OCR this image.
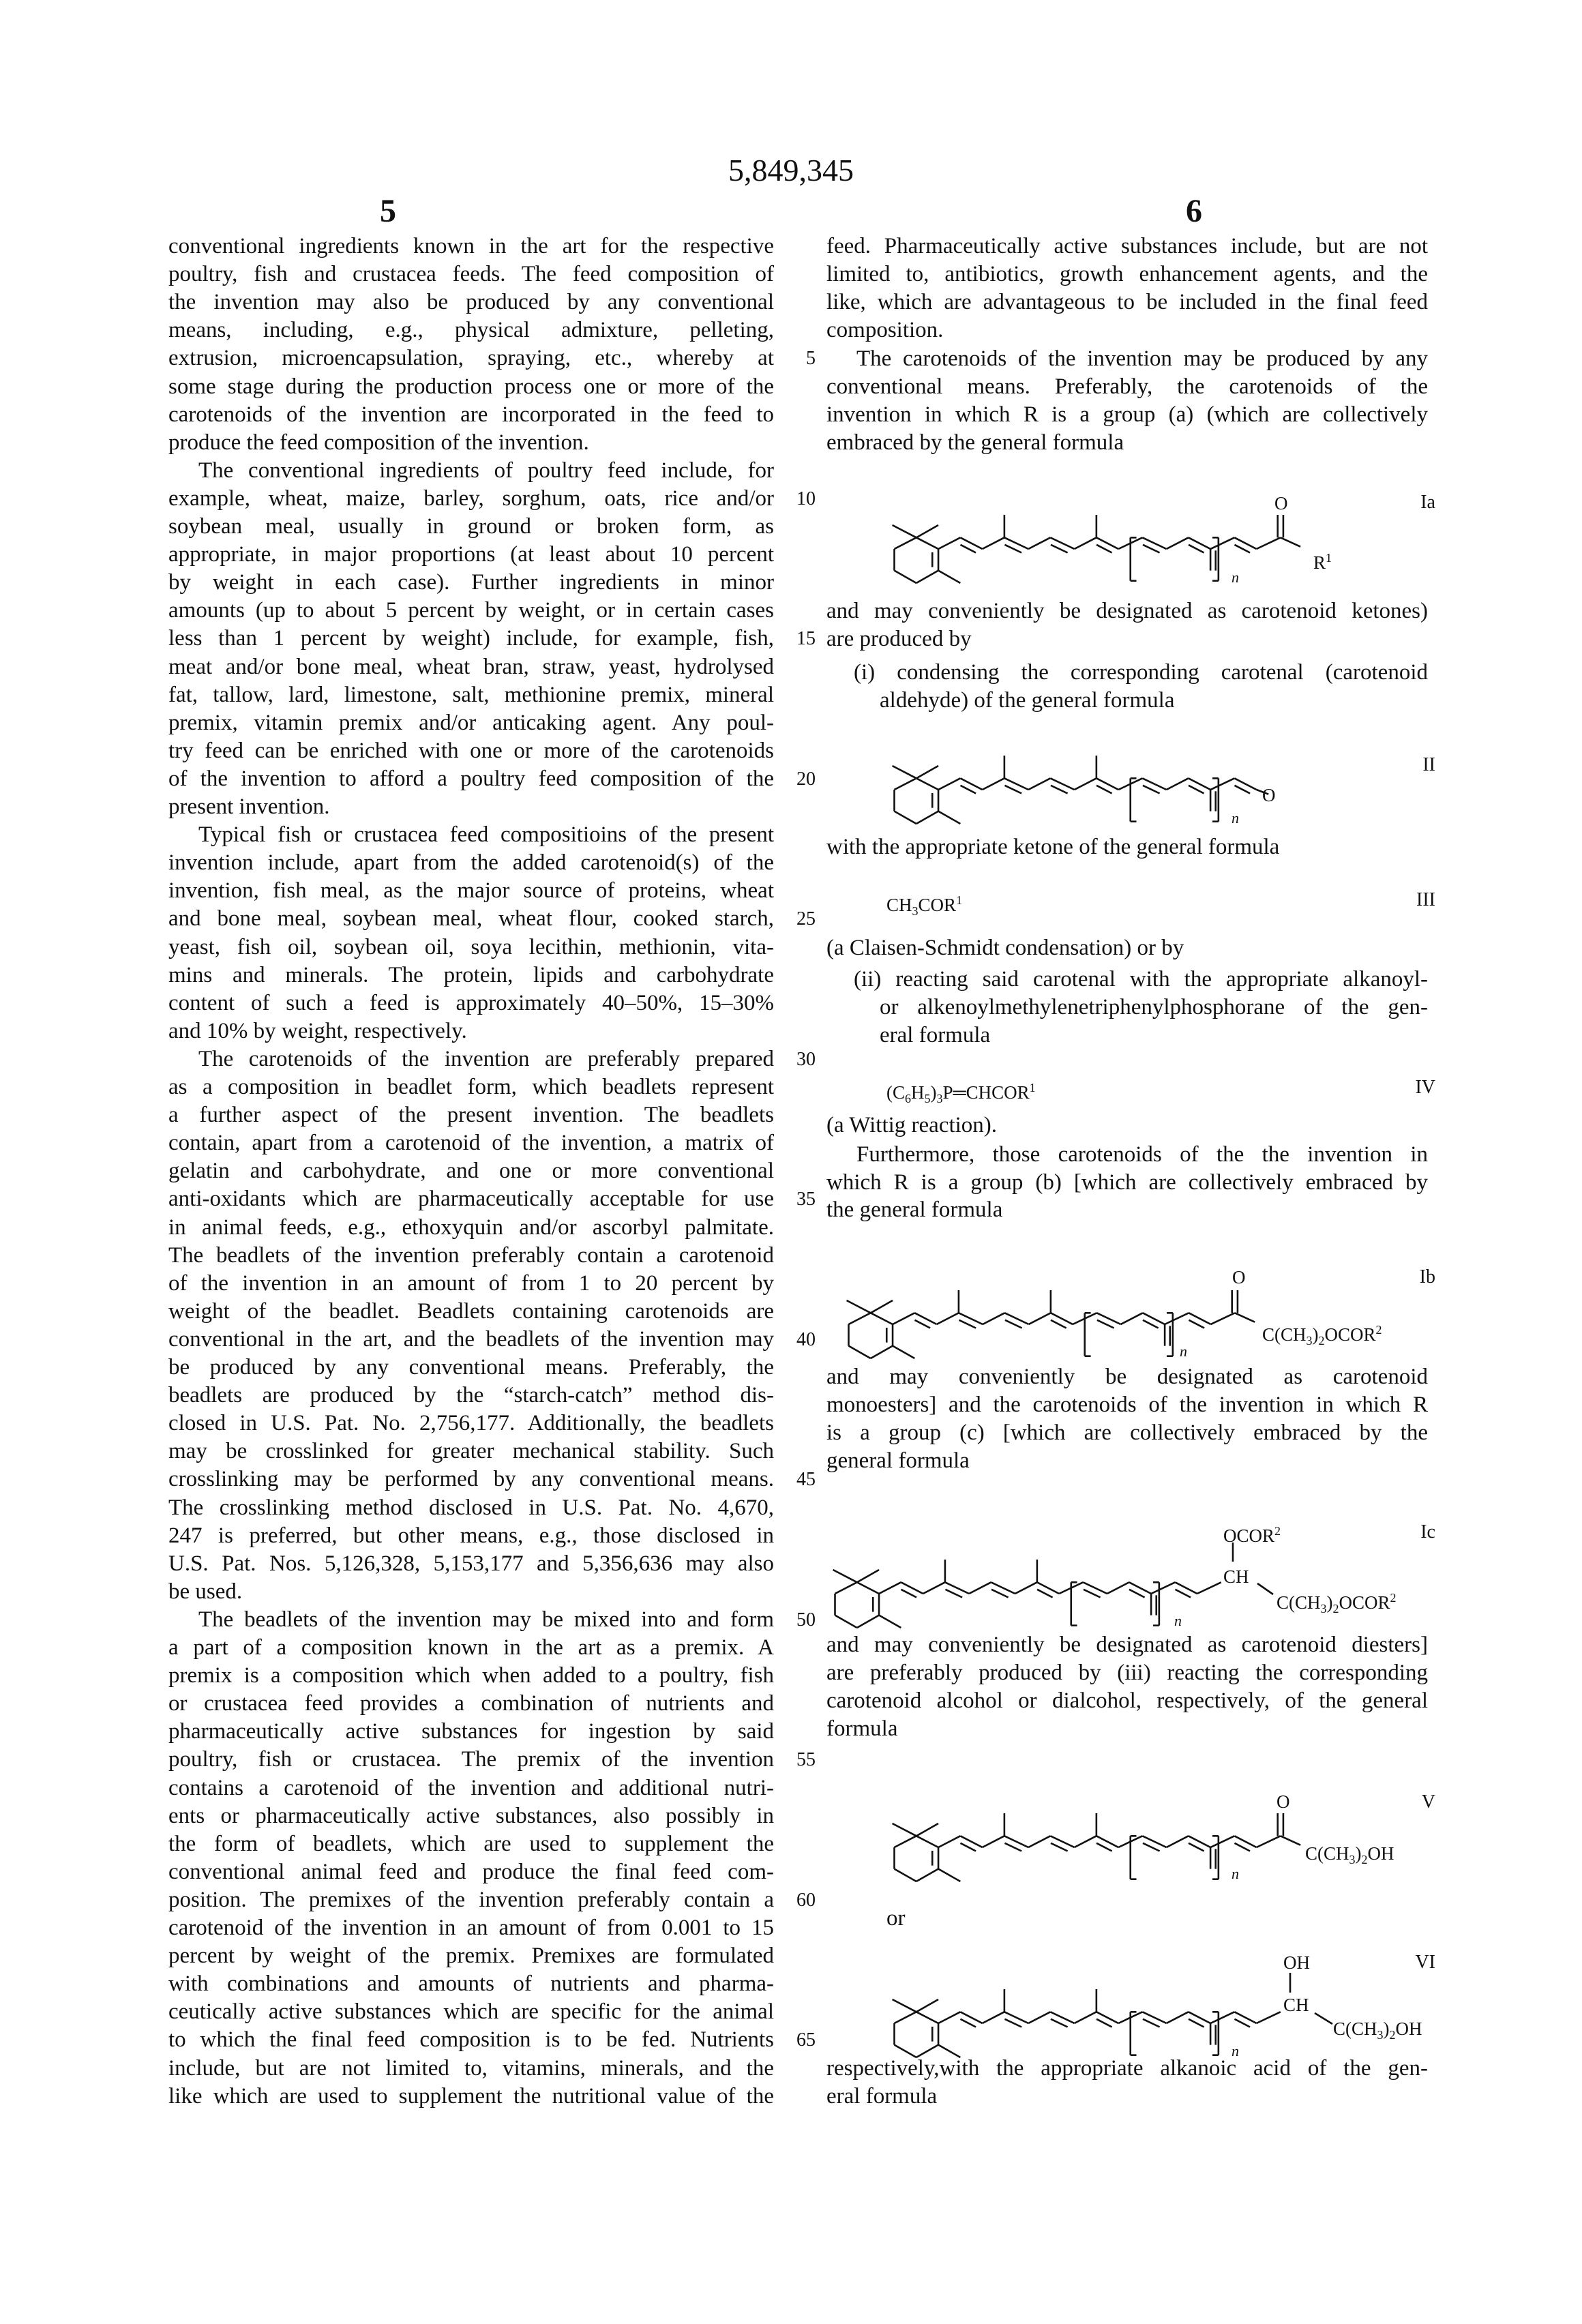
5,849,345
5	6
conventional ingredients known in the art for the respective
poultry, fish and crustacea feeds. The feed composition of
the invention may also be produced by any conventional
means, including, e.g., physical admixture, pelleting,
extrusion, microencapsulation, spraying, etc., whereby at
some stage during the production process one or more of the
carotenoids of the invention are incorporated in the feed to
produce the feed composition of the invention.
The conventional ingredients of poultry feed include, for
example, wheat, maize, barley, sorghum, oats, rice and/or
soybean meal, usually in ground or broken form, as
appropriate, in major proportions (at least about 10 percent
by weight in each case). Further ingredients in minor
amounts (up to about 5 percent by weight, or in certain cases
less than 1 percent by weight) include, for example, fish,
meat and/or bone meal, wheat bran, straw, yeast, hydrolysed
fat, tallow, lard, limestone, salt, methionine premix, mineral
premix, vitamin premix and/or anticaking agent. Any poul-
try feed can be enriched with one or more of the carotenoids
of the invention to afford a poultry feed composition of the
present invention.
Typical fish or crustacea feed compositioins of the present
invention include, apart from the added carotenoid(s) of the
invention, fish meal, as the major source of proteins, wheat
and bone meal, soybean meal, wheat flour, cooked starch,
yeast, fish oil, soybean oil, soya lecithin, methionin, vita-
mins and minerals. The protein, lipids and carbohydrate
content of such a feed is approximately 40–50%, 15–30%
and 10% by weight, respectively.
The carotenoids of the invention are preferably prepared
as a composition in beadlet form, which beadlets represent
a further aspect of the present invention. The beadlets
contain, apart from a carotenoid of the invention, a matrix of
gelatin and carbohydrate, and one or more conventional
anti-oxidants which are pharmaceutically acceptable for use
in animal feeds, e.g., ethoxyquin and/or ascorbyl palmitate.
The beadlets of the invention preferably contain a carotenoid
of the invention in an amount of from 1 to 20 percent by
weight of the beadlet. Beadlets containing carotenoids are
conventional in the art, and the beadlets of the invention may
be produced by any conventional means. Preferably, the
beadlets are produced by the “starch-catch” method dis-
closed in U.S. Pat. No. 2,756,177. Additionally, the beadlets
may be crosslinked for greater mechanical stability. Such
crosslinking may be performed by any conventional means.
The crosslinking method disclosed in U.S. Pat. No. 4,670,
247 is preferred, but other means, e.g., those disclosed in
U.S. Pat. Nos. 5,126,328, 5,153,177 and 5,356,636 may also
be used.
The beadlets of the invention may be mixed into and form
a part of a composition known in the art as a premix. A
premix is a composition which when added to a poultry, fish
or crustacea feed provides a combination of nutrients and
pharmaceutically active substances for ingestion by said
poultry, fish or crustacea. The premix of the invention
contains a carotenoid of the invention and additional nutri-
ents or pharmaceutically active substances, also possibly in
the form of beadlets, which are used to supplement the
conventional animal feed and produce the final feed com-
position. The premixes of the invention preferably contain a
carotenoid of the invention in an amount of from 0.001 to 15
percent by weight of the premix. Premixes are formulated
with combinations and amounts of nutrients and pharma-
ceutically active substances which are specific for the animal
to which the final feed composition is to be fed. Nutrients
include, but are not limited to, vitamins, minerals, and the
like which are used to supplement the nutritional value of the
5
10
15
20
25
30
35
40
45
50
55
60
65
feed. Pharmaceutically active substances include, but are not
limited to, antibiotics, growth enhancement agents, and the
like, which are advantageous to be included in the final feed
composition.
The carotenoids of the invention may be produced by any
conventional means. Preferably, the carotenoids of the
invention in which R is a group (a) (which are collectively
embraced by the general formula
and may conveniently be designated as carotenoid ketones)
are produced by
(i) condensing the corresponding carotenal (carotenoid
aldehyde) of the general formula
with the appropriate ketone of the general formula
(a Claisen-Schmidt condensation) or by
(ii) reacting said carotenal with the appropriate alkanoyl-
or alkenoylmethylenetriphenylphosphorane of the gen-
eral formula
(a Wittig reaction).
Furthermore, those carotenoids of the the invention in
which R is a group (b) [which are collectively embraced by
the general formula
and may conveniently be designated as carotenoid
monoesters] and the carotenoids of the invention in which R
is a group (c) [which are collectively embraced by the
general formula
and may conveniently be designated as carotenoid diesters]
are preferably produced by (iii) reacting the corresponding
carotenoid alcohol or dialcohol, respectively, of the general
formula
or
respectively,with the appropriate alkanoic acid of the gen-
eral formula
O
R1
n
Ia
O
n
II
CH3COR1	III
(C6H5)3P═CHCOR1	IV
O
C(CH3)2OCOR2
n
Ib
OCOR2
CH
C(CH3)2OCOR2
n
Ic
O
C(CH3)2OH
n
V
OH
CH
C(CH3)2OH
n
VI
